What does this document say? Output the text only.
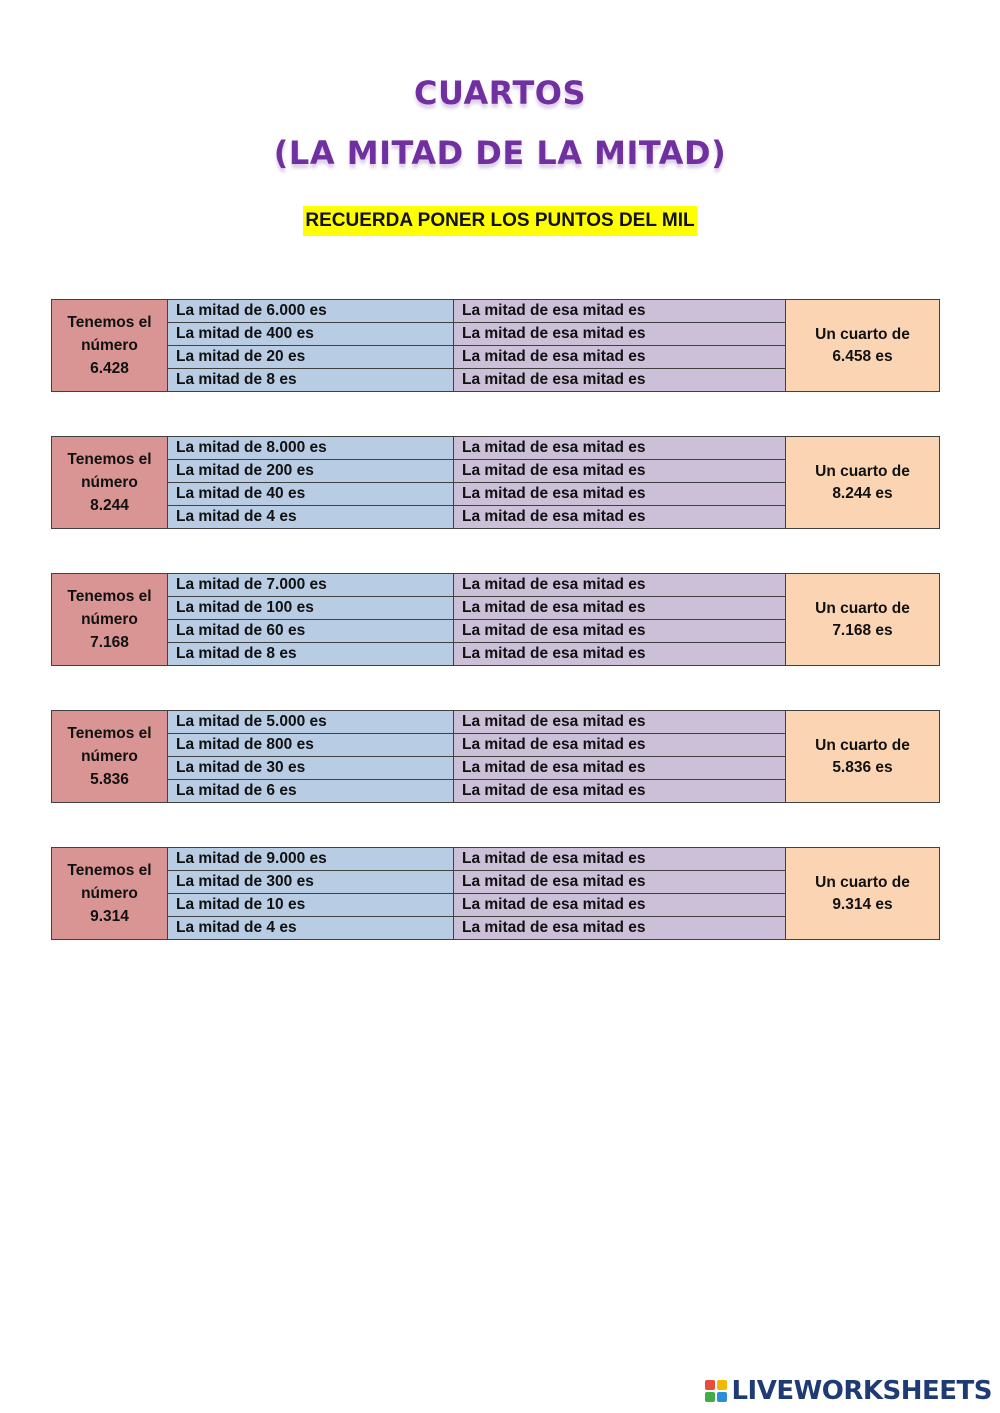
CUARTOS
(LA MITAD DE LA MITAD)
RECUERDA PONER LOS PUNTOS DEL MIL
Tenemos el
número
6.428
La mitad de 6.000 es	La mitad de esa mitad es
La mitad de 400 es	La mitad de esa mitad es
La mitad de 20 es	La mitad de esa mitad es
La mitad de 8 es	La mitad de esa mitad es
Un cuarto de
6.458 es
Tenemos el
número
8.244
La mitad de 8.000 es	La mitad de esa mitad es
La mitad de 200 es	La mitad de esa mitad es
La mitad de 40 es	La mitad de esa mitad es
La mitad de 4 es	La mitad de esa mitad es
Un cuarto de
8.244 es
Tenemos el
número
7.168
La mitad de 7.000 es	La mitad de esa mitad es
La mitad de 100 es	La mitad de esa mitad es
La mitad de 60 es	La mitad de esa mitad es
La mitad de 8 es	La mitad de esa mitad es
Un cuarto de
7.168 es
Tenemos el
número
5.836
La mitad de 5.000 es	La mitad de esa mitad es
La mitad de 800 es	La mitad de esa mitad es
La mitad de 30 es	La mitad de esa mitad es
La mitad de 6 es	La mitad de esa mitad es
Un cuarto de
5.836 es
Tenemos el
número
9.314
La mitad de 9.000 es	La mitad de esa mitad es
La mitad de 300 es	La mitad de esa mitad es
La mitad de 10 es	La mitad de esa mitad es
La mitad de 4 es	La mitad de esa mitad es
Un cuarto de
9.314 es
LIVEWORKSHEETS
